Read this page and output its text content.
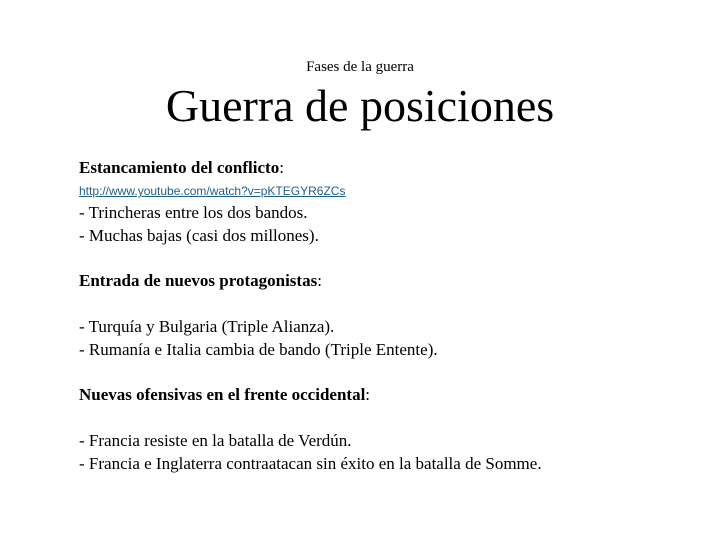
Fases de la guerra
Guerra de posiciones

Estancamiento del conflicto:

http://www.youtube.com/watch?v=pKTEGYR6ZCs

- Trincheras entre los dos bandos.

- Muchas bajas (casi dos millones).

Entrada de nuevos protagonistas:

- Turquía y Bulgaria (Triple Alianza).

- Rumanía e Italia cambia de bando (Triple Entente).

Nuevas ofensivas en el frente occidental:

- Francia resiste en la batalla de Verdún.

- Francia e Inglaterra contraatacan sin éxito en la batalla de Somme.
